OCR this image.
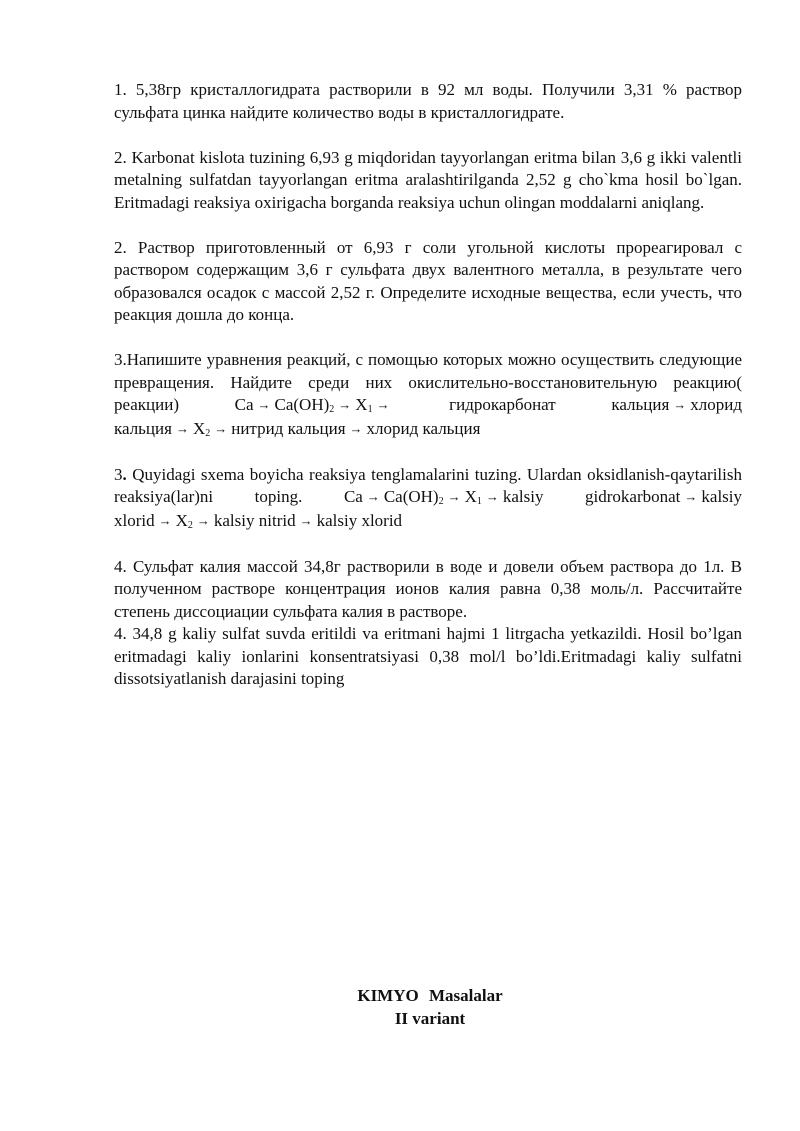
1. 5,38гр кристаллогидрата растворили в 92 мл воды. Получили 3,31 % раствор сульфата цинка найдите количество воды в кристаллогидрате.

2. Karbonat kislota tuzining 6,93 g miqdoridan tayyorlangan eritma bilan 3,6 g ikki valentli metalning sulfatdan tayyorlangan eritma aralashtirilganda 2,52 g cho`kma hosil bo`lgan. Eritmadagi reaksiya oxirigacha borganda reaksiya uchun olingan moddalarni aniqlang.

2. Раствор приготовленный от 6,93 г соли угольной кислоты прореагировал с раствором содержащим 3,6 г сульфата двух валентного металла, в результате чего образовался осадок с массой 2,52 г. Определите исходные вещества, если учесть, что реакция дошла до конца.

3.Напишите уравнения реакций, с помощью которых можно осуществить следующие превращения. Найдите среди них окислительно-восстановительную реакцию( реакции) $Ca \to Ca(OH)_2 \to X_1$ →	гидрокарбонат кальция → хлорид кальция → $X_2$ → нитрид кальция → хлорид кальция

3. Quyidagi sxema boyicha reaksiya tenglamalarini tuzing. Ulardan oksidlanish-qaytarilish reaksiya(lar)ni toping. $Ca \to Ca(OH)_2 \to X_1$ → kalsiy gidrokarbonat → kalsiy xlorid → $X_2$ → kalsiy nitrid → kalsiy xlorid

4. Сульфат калия массой 34,8г растворили в воде и довели объем раствора до 1л. В полученном растворе концентрация ионов калия равна 0,38 моль/л. Рассчитайте степень диссоциации сульфата калия в растворе.

4. 34,8 g kaliy sulfat suvda eritildi va eritmani hajmi 1 litrgacha yetkazildi. Hosil bo’lgan eritmadagi kaliy ionlarini konsentratsiyasi 0,38 mol/l bo’ldi.Eritmadagi kaliy sulfatni dissotsiyatlanish darajasini toping

KIMYO Masalalar
II variant
